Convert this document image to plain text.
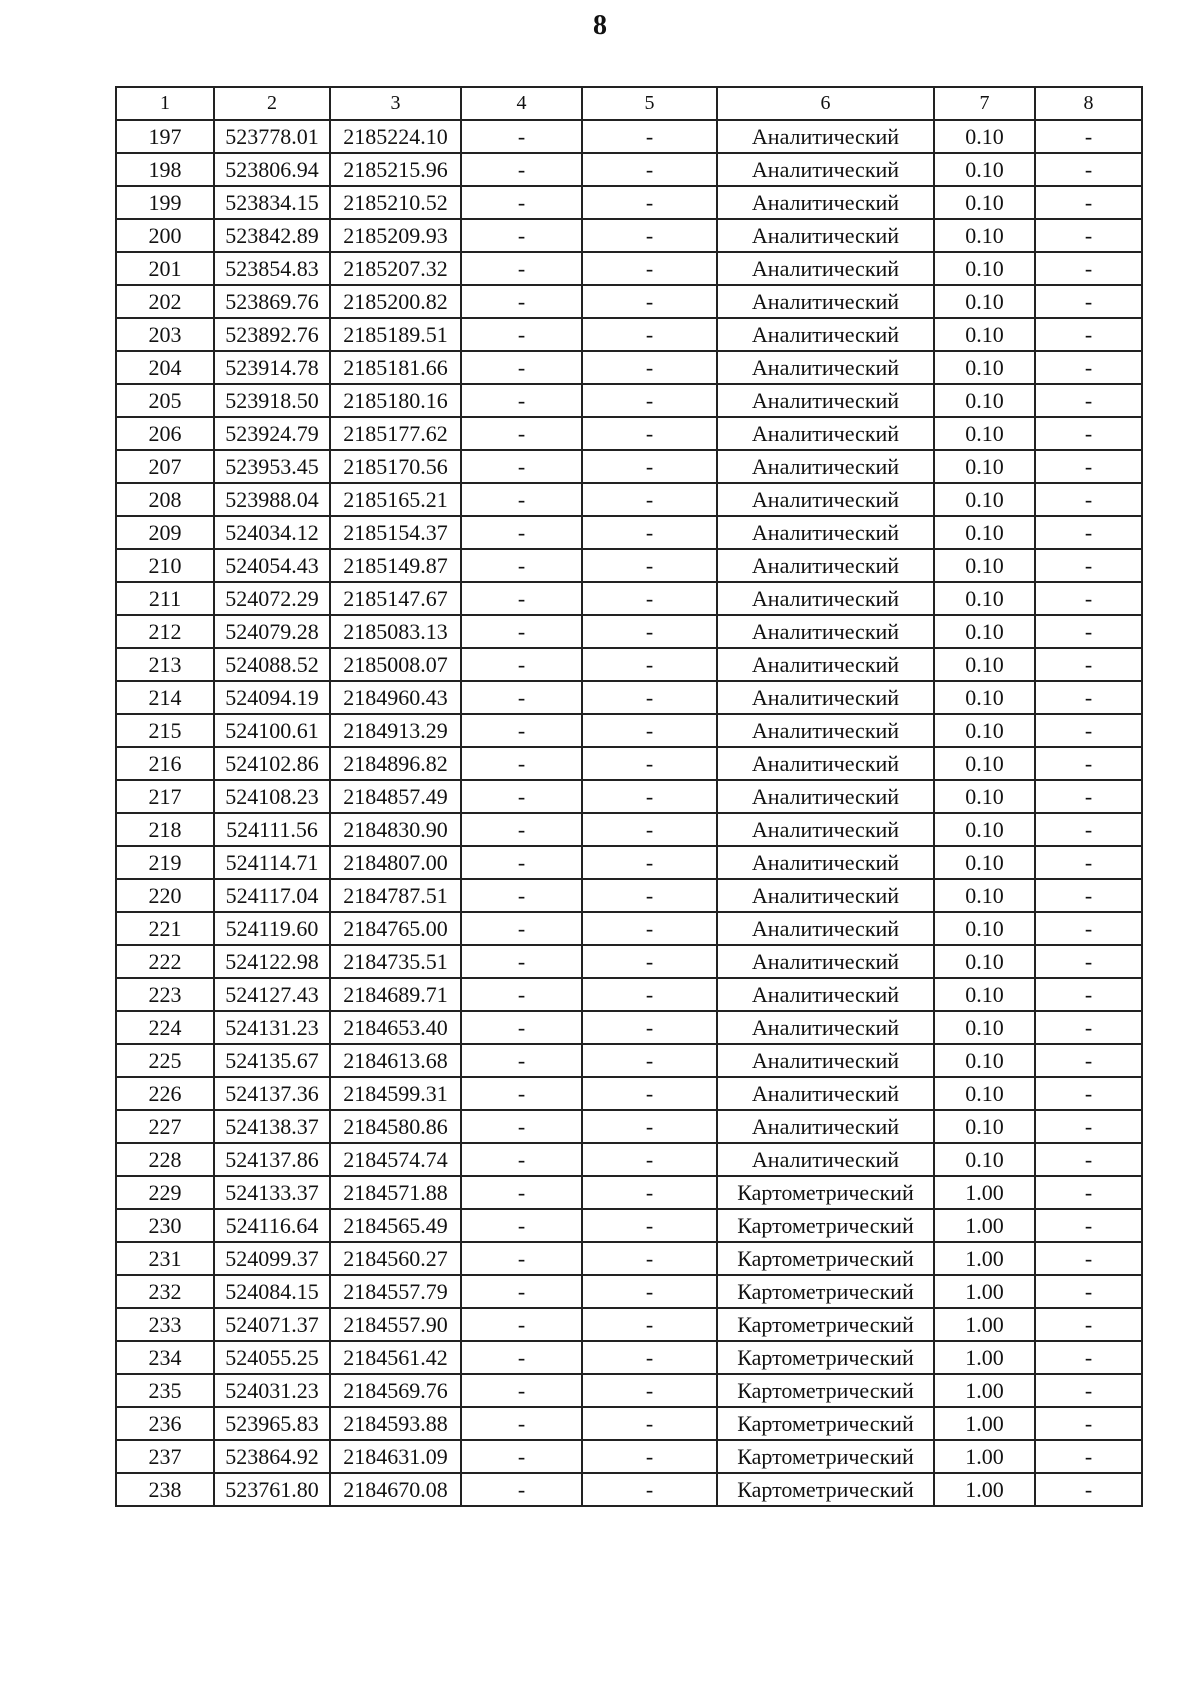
8
1	2	3	4	5	6	7	8
197	523778.01	2185224.10	-	-	Аналитический	0.10	-
198	523806.94	2185215.96	-	-	Аналитический	0.10	-
199	523834.15	2185210.52	-	-	Аналитический	0.10	-
200	523842.89	2185209.93	-	-	Аналитический	0.10	-
201	523854.83	2185207.32	-	-	Аналитический	0.10	-
202	523869.76	2185200.82	-	-	Аналитический	0.10	-
203	523892.76	2185189.51	-	-	Аналитический	0.10	-
204	523914.78	2185181.66	-	-	Аналитический	0.10	-
205	523918.50	2185180.16	-	-	Аналитический	0.10	-
206	523924.79	2185177.62	-	-	Аналитический	0.10	-
207	523953.45	2185170.56	-	-	Аналитический	0.10	-
208	523988.04	2185165.21	-	-	Аналитический	0.10	-
209	524034.12	2185154.37	-	-	Аналитический	0.10	-
210	524054.43	2185149.87	-	-	Аналитический	0.10	-
211	524072.29	2185147.67	-	-	Аналитический	0.10	-
212	524079.28	2185083.13	-	-	Аналитический	0.10	-
213	524088.52	2185008.07	-	-	Аналитический	0.10	-
214	524094.19	2184960.43	-	-	Аналитический	0.10	-
215	524100.61	2184913.29	-	-	Аналитический	0.10	-
216	524102.86	2184896.82	-	-	Аналитический	0.10	-
217	524108.23	2184857.49	-	-	Аналитический	0.10	-
218	524111.56	2184830.90	-	-	Аналитический	0.10	-
219	524114.71	2184807.00	-	-	Аналитический	0.10	-
220	524117.04	2184787.51	-	-	Аналитический	0.10	-
221	524119.60	2184765.00	-	-	Аналитический	0.10	-
222	524122.98	2184735.51	-	-	Аналитический	0.10	-
223	524127.43	2184689.71	-	-	Аналитический	0.10	-
224	524131.23	2184653.40	-	-	Аналитический	0.10	-
225	524135.67	2184613.68	-	-	Аналитический	0.10	-
226	524137.36	2184599.31	-	-	Аналитический	0.10	-
227	524138.37	2184580.86	-	-	Аналитический	0.10	-
228	524137.86	2184574.74	-	-	Аналитический	0.10	-
229	524133.37	2184571.88	-	-	Картометрический	1.00	-
230	524116.64	2184565.49	-	-	Картометрический	1.00	-
231	524099.37	2184560.27	-	-	Картометрический	1.00	-
232	524084.15	2184557.79	-	-	Картометрический	1.00	-
233	524071.37	2184557.90	-	-	Картометрический	1.00	-
234	524055.25	2184561.42	-	-	Картометрический	1.00	-
235	524031.23	2184569.76	-	-	Картометрический	1.00	-
236	523965.83	2184593.88	-	-	Картометрический	1.00	-
237	523864.92	2184631.09	-	-	Картометрический	1.00	-
238	523761.80	2184670.08	-	-	Картометрический	1.00	-
